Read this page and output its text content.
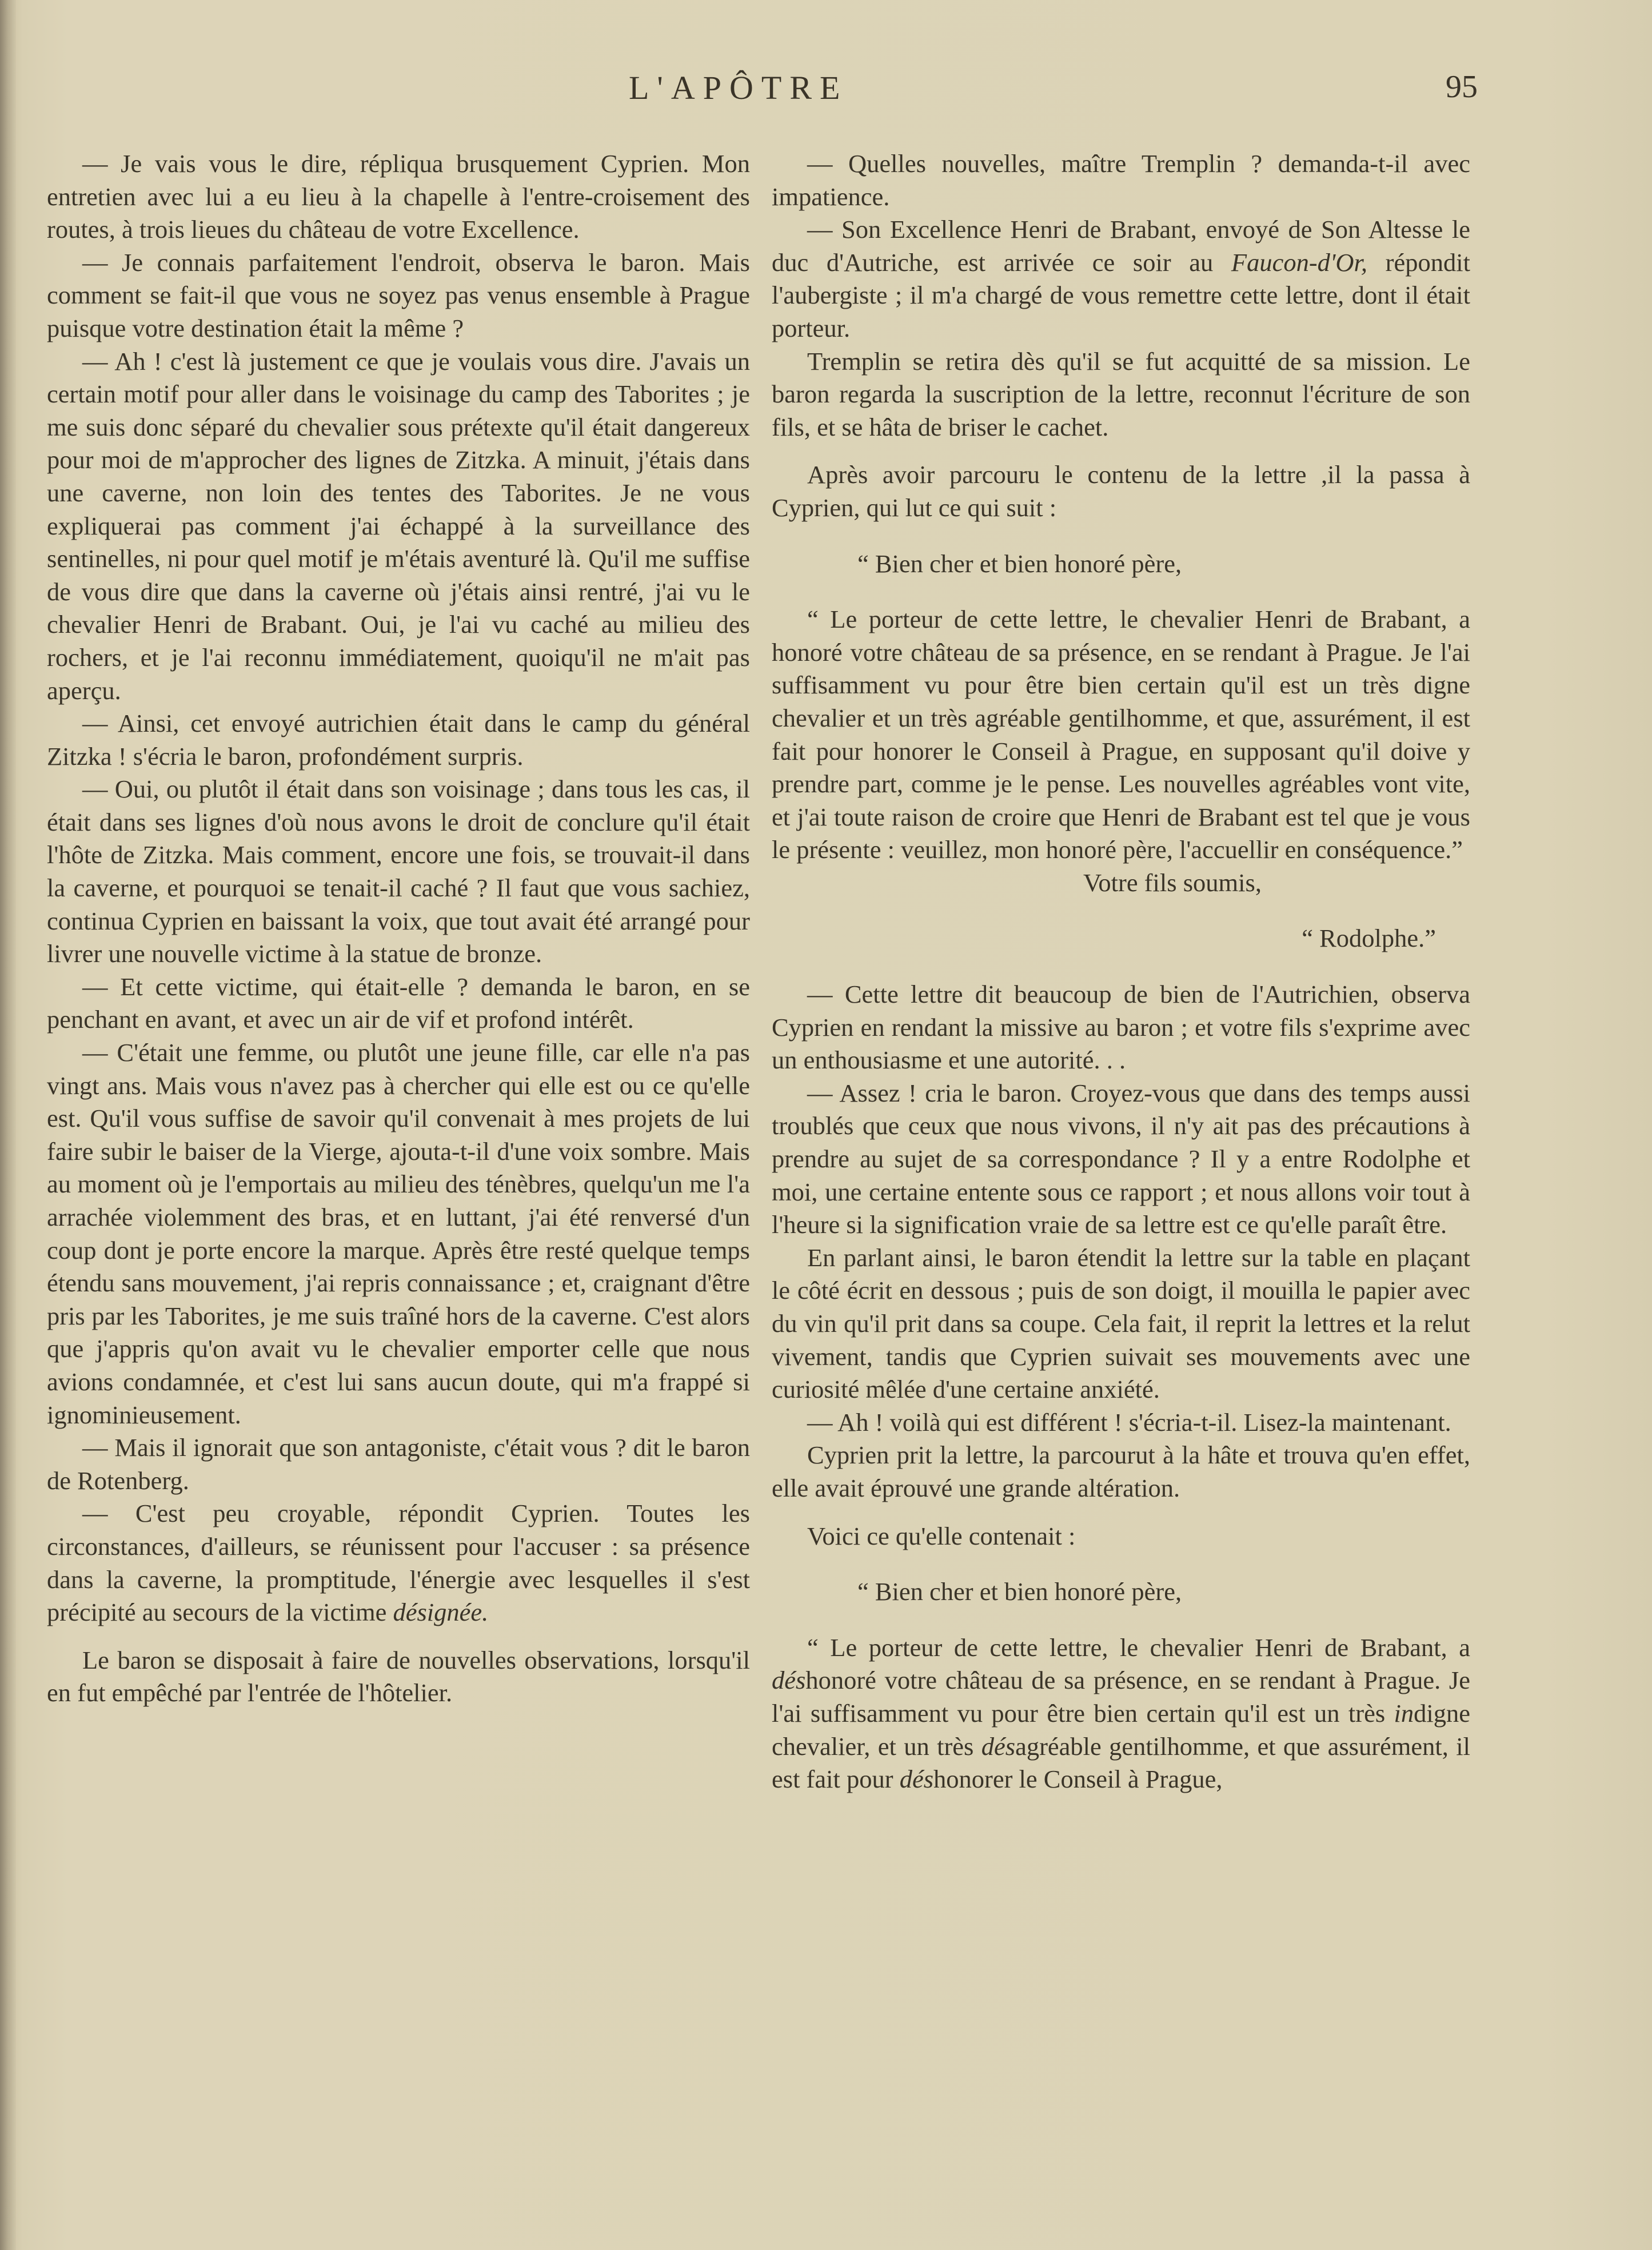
L'APÔTRE	95

— Je vais vous le dire, répliqua brusquement Cyprien. Mon entretien avec lui a eu lieu à la chapelle à l'entre-croisement des routes, à trois lieues du château de votre Excellence.

— Je connais parfaitement l'endroit, observa le baron. Mais comment se fait-il que vous ne soyez pas venus ensemble à Prague puisque votre destination était la même ?

— Ah ! c'est là justement ce que je voulais vous dire. J'avais un certain motif pour aller dans le voisinage du camp des Taborites ; je me suis donc séparé du chevalier sous prétexte qu'il était dangereux pour moi de m'approcher des lignes de Zitzka. A minuit, j'étais dans une caverne, non loin des tentes des Taborites. Je ne vous expliquerai pas comment j'ai échappé à la surveillance des sentinelles, ni pour quel motif je m'étais aventuré là. Qu'il me suffise de vous dire que dans la caverne où j'étais ainsi rentré, j'ai vu le chevalier Henri de Brabant. Oui, je l'ai vu caché au milieu des rochers, et je l'ai reconnu immédiatement, quoiqu'il ne m'ait pas aperçu.

— Ainsi, cet envoyé autrichien était dans le camp du général Zitzka ! s'écria le baron, profondément surpris.

— Oui, ou plutôt il était dans son voisinage ; dans tous les cas, il était dans ses lignes d'où nous avons le droit de conclure qu'il était l'hôte de Zitzka. Mais comment, encore une fois, se trouvait-il dans la caverne, et pourquoi se tenait-il caché ? Il faut que vous sachiez, continua Cyprien en baissant la voix, que tout avait été arrangé pour livrer une nouvelle victime à la statue de bronze.

— Et cette victime, qui était-elle ? demanda le baron, en se penchant en avant, et avec un air de vif et profond intérêt.

— C'était une femme, ou plutôt une jeune fille, car elle n'a pas vingt ans. Mais vous n'avez pas à chercher qui elle est ou ce qu'elle est. Qu'il vous suffise de savoir qu'il convenait à mes projets de lui faire subir le baiser de la Vierge, ajouta-t-il d'une voix sombre. Mais au moment où je l'emportais au milieu des ténèbres, quelqu'un me l'a arrachée violemment des bras, et en luttant, j'ai été renversé d'un coup dont je porte encore la marque. Après être resté quelque temps étendu sans mouvement, j'ai repris connaissance ; et, craignant d'être pris par les Taborites, je me suis traîné hors de la caverne. C'est alors que j'appris qu'on avait vu le chevalier emporter celle que nous avions condamnée, et c'est lui sans aucun doute, qui m'a frappé si ignominieusement.

— Mais il ignorait que son antagoniste, c'était vous ? dit le baron de Rotenberg.

— C'est peu croyable, répondit Cyprien. Toutes les circonstances, d'ailleurs, se réunissent pour l'accuser : sa présence dans la caverne, la promptitude, l'énergie avec lesquelles il s'est précipité au secours de la victime désignée.

Le baron se disposait à faire de nouvelles observations, lorsqu'il en fut empêché par l'entrée de l'hôtelier.

— Quelles nouvelles, maître Tremplin ? demanda-t-il avec impatience.

— Son Excellence Henri de Brabant, envoyé de Son Altesse le duc d'Autriche, est arrivée ce soir au Faucon-d'Or, répondit l'aubergiste ; il m'a chargé de vous remettre cette lettre, dont il était porteur.

Tremplin se retira dès qu'il se fut acquitté de sa mission. Le baron regarda la suscription de la lettre, reconnut l'écriture de son fils, et se hâta de briser le cachet.

Après avoir parcouru le contenu de la lettre ,il la passa à Cyprien, qui lut ce qui suit :

“ Bien cher et bien honoré père,

“ Le porteur de cette lettre, le chevalier Henri de Brabant, a honoré votre château de sa présence, en se rendant à Prague. Je l'ai suffisamment vu pour être bien certain qu'il est un très digne chevalier et un très agréable gentilhomme, et que, assurément, il est fait pour honorer le Conseil à Prague, en supposant qu'il doive y prendre part, comme je le pense. Les nouvelles agréables vont vite, et j'ai toute raison de croire que Henri de Brabant est tel que je vous le présente : veuillez, mon honoré père, l'accuellir en conséquence.”

Votre fils soumis,

“ Rodolphe.”

— Cette lettre dit beaucoup de bien de l'Autrichien, observa Cyprien en rendant la missive au baron ; et votre fils s'exprime avec un enthousiasme et une autorité. . .

— Assez ! cria le baron. Croyez-vous que dans des temps aussi troublés que ceux que nous vivons, il n'y ait pas des précautions à prendre au sujet de sa correspondance ? Il y a entre Rodolphe et moi, une certaine entente sous ce rapport ; et nous allons voir tout à l'heure si la signification vraie de sa lettre est ce qu'elle paraît être.

En parlant ainsi, le baron étendit la lettre sur la table en plaçant le côté écrit en dessous ; puis de son doigt, il mouilla le papier avec du vin qu'il prit dans sa coupe. Cela fait, il reprit la lettres et la relut vivement, tandis que Cyprien suivait ses mouvements avec une curiosité mêlée d'une certaine anxiété.

— Ah ! voilà qui est différent ! s'écria-t-il. Lisez-la maintenant.

Cyprien prit la lettre, la parcourut à la hâte et trouva qu'en effet, elle avait éprouvé une grande altération.

Voici ce qu'elle contenait :

“ Bien cher et bien honoré père,

“ Le porteur de cette lettre, le chevalier Henri de Brabant, a déshonoré votre château de sa présence, en se rendant à Prague. Je l'ai suffisamment vu pour être bien certain qu'il est un très indigne chevalier, et un très désagréable gentilhomme, et que assurément, il est fait pour déshonorer le Conseil à Prague,
